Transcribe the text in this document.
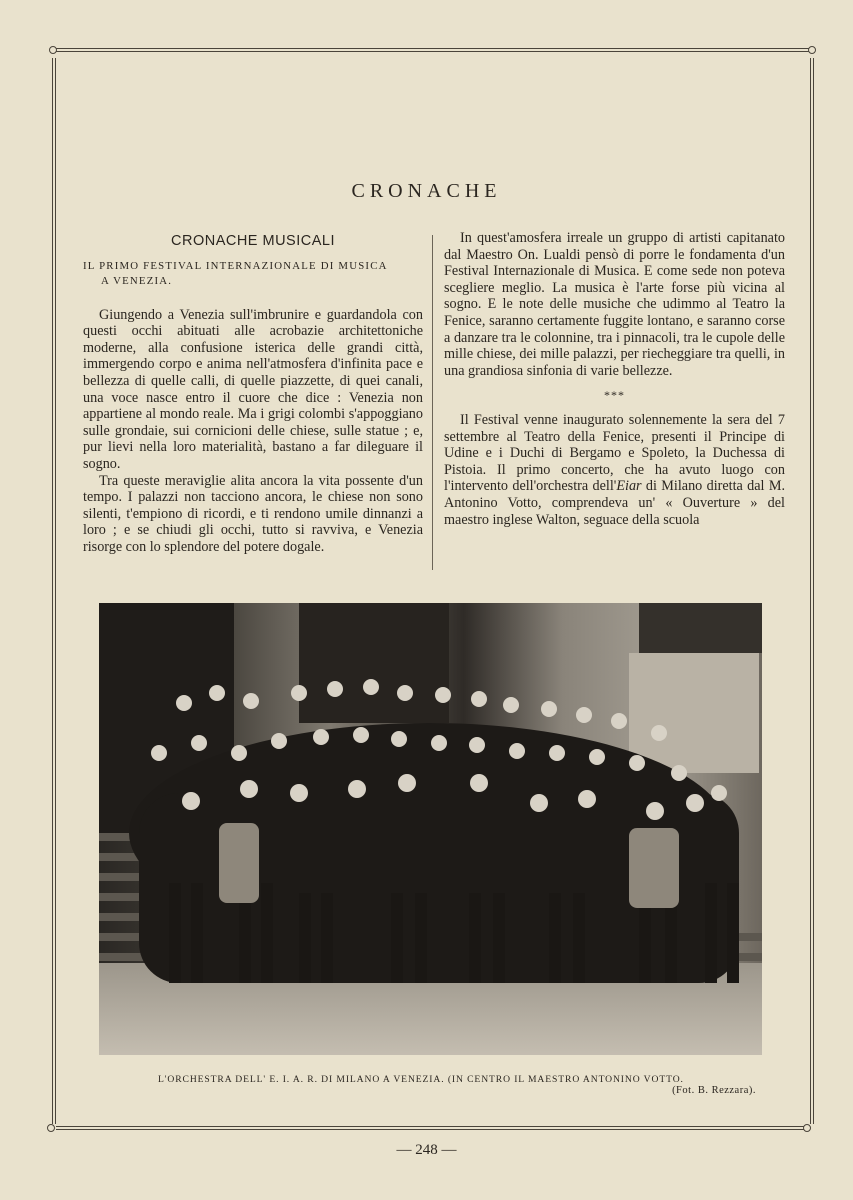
CRONACHE
CRONACHE MUSICALI
IL PRIMO FESTIVAL INTERNAZIONALE DI MUSICA
A VENEZIA.

Giungendo a Venezia sull'imbrunire e guardandola con questi occhi abituati alle acrobazie architettoniche moderne, alla confusione isterica delle grandi città, immergendo corpo e anima nell'atmosfera d'infinita pace e bellezza di quelle calli, di quelle piazzette, di quei canali, una voce nasce entro il cuore che dice : Venezia non appartiene al mondo reale. Ma i grigi colombi s'appoggiano sulle grondaie, sui cornicioni delle chiese, sulle statue ; e, pur lievi nella loro materialità, bastano a far dileguare il sogno.

Tra queste meraviglie alita ancora la vita possente d'un tempo. I palazzi non tacciono ancora, le chiese non sono silenti, t'empiono di ricordi, e ti rendono umile dinnanzi a loro ; e se chiudi gli occhi, tutto si ravviva, e Venezia risorge con lo splendore del potere dogale.

In quest'amosfera irreale un gruppo di artisti capitanato dal Maestro On. Lualdi pensò di porre le fondamenta d'un Festival Internazionale di Musica. E come sede non poteva scegliere meglio. La musica è l'arte forse più vicina al sogno. E le note delle musiche che udimmo al Teatro la Fenice, saranno certamente fuggite lontano, e saranno corse a danzare tra le colonnine, tra i pinnacoli, tra le cupole delle mille chiese, dei mille palazzi, per riecheggiare tra quelli, in una grandiosa sinfonia di varie bellezze.

***

Il Festival venne inaugurato solennemente la sera del 7 settembre al Teatro della Fenice, presenti il Principe di Udine e i Duchi di Bergamo e Spoleto, la Duchessa di Pistoia. Il primo concerto, che ha avuto luogo con l'intervento dell'orchestra dell'Eiar di Milano diretta dal M. Antonino Votto, comprendeva un' « Ouverture » del maestro inglese Walton, seguace della scuola

L'ORCHESTRA DELL' E. I. A. R. DI MILANO A VENEZIA. (IN CENTRO IL MAESTRO ANTONINO VOTTO.
(Fot. B. Rezzara).
— 248 —
